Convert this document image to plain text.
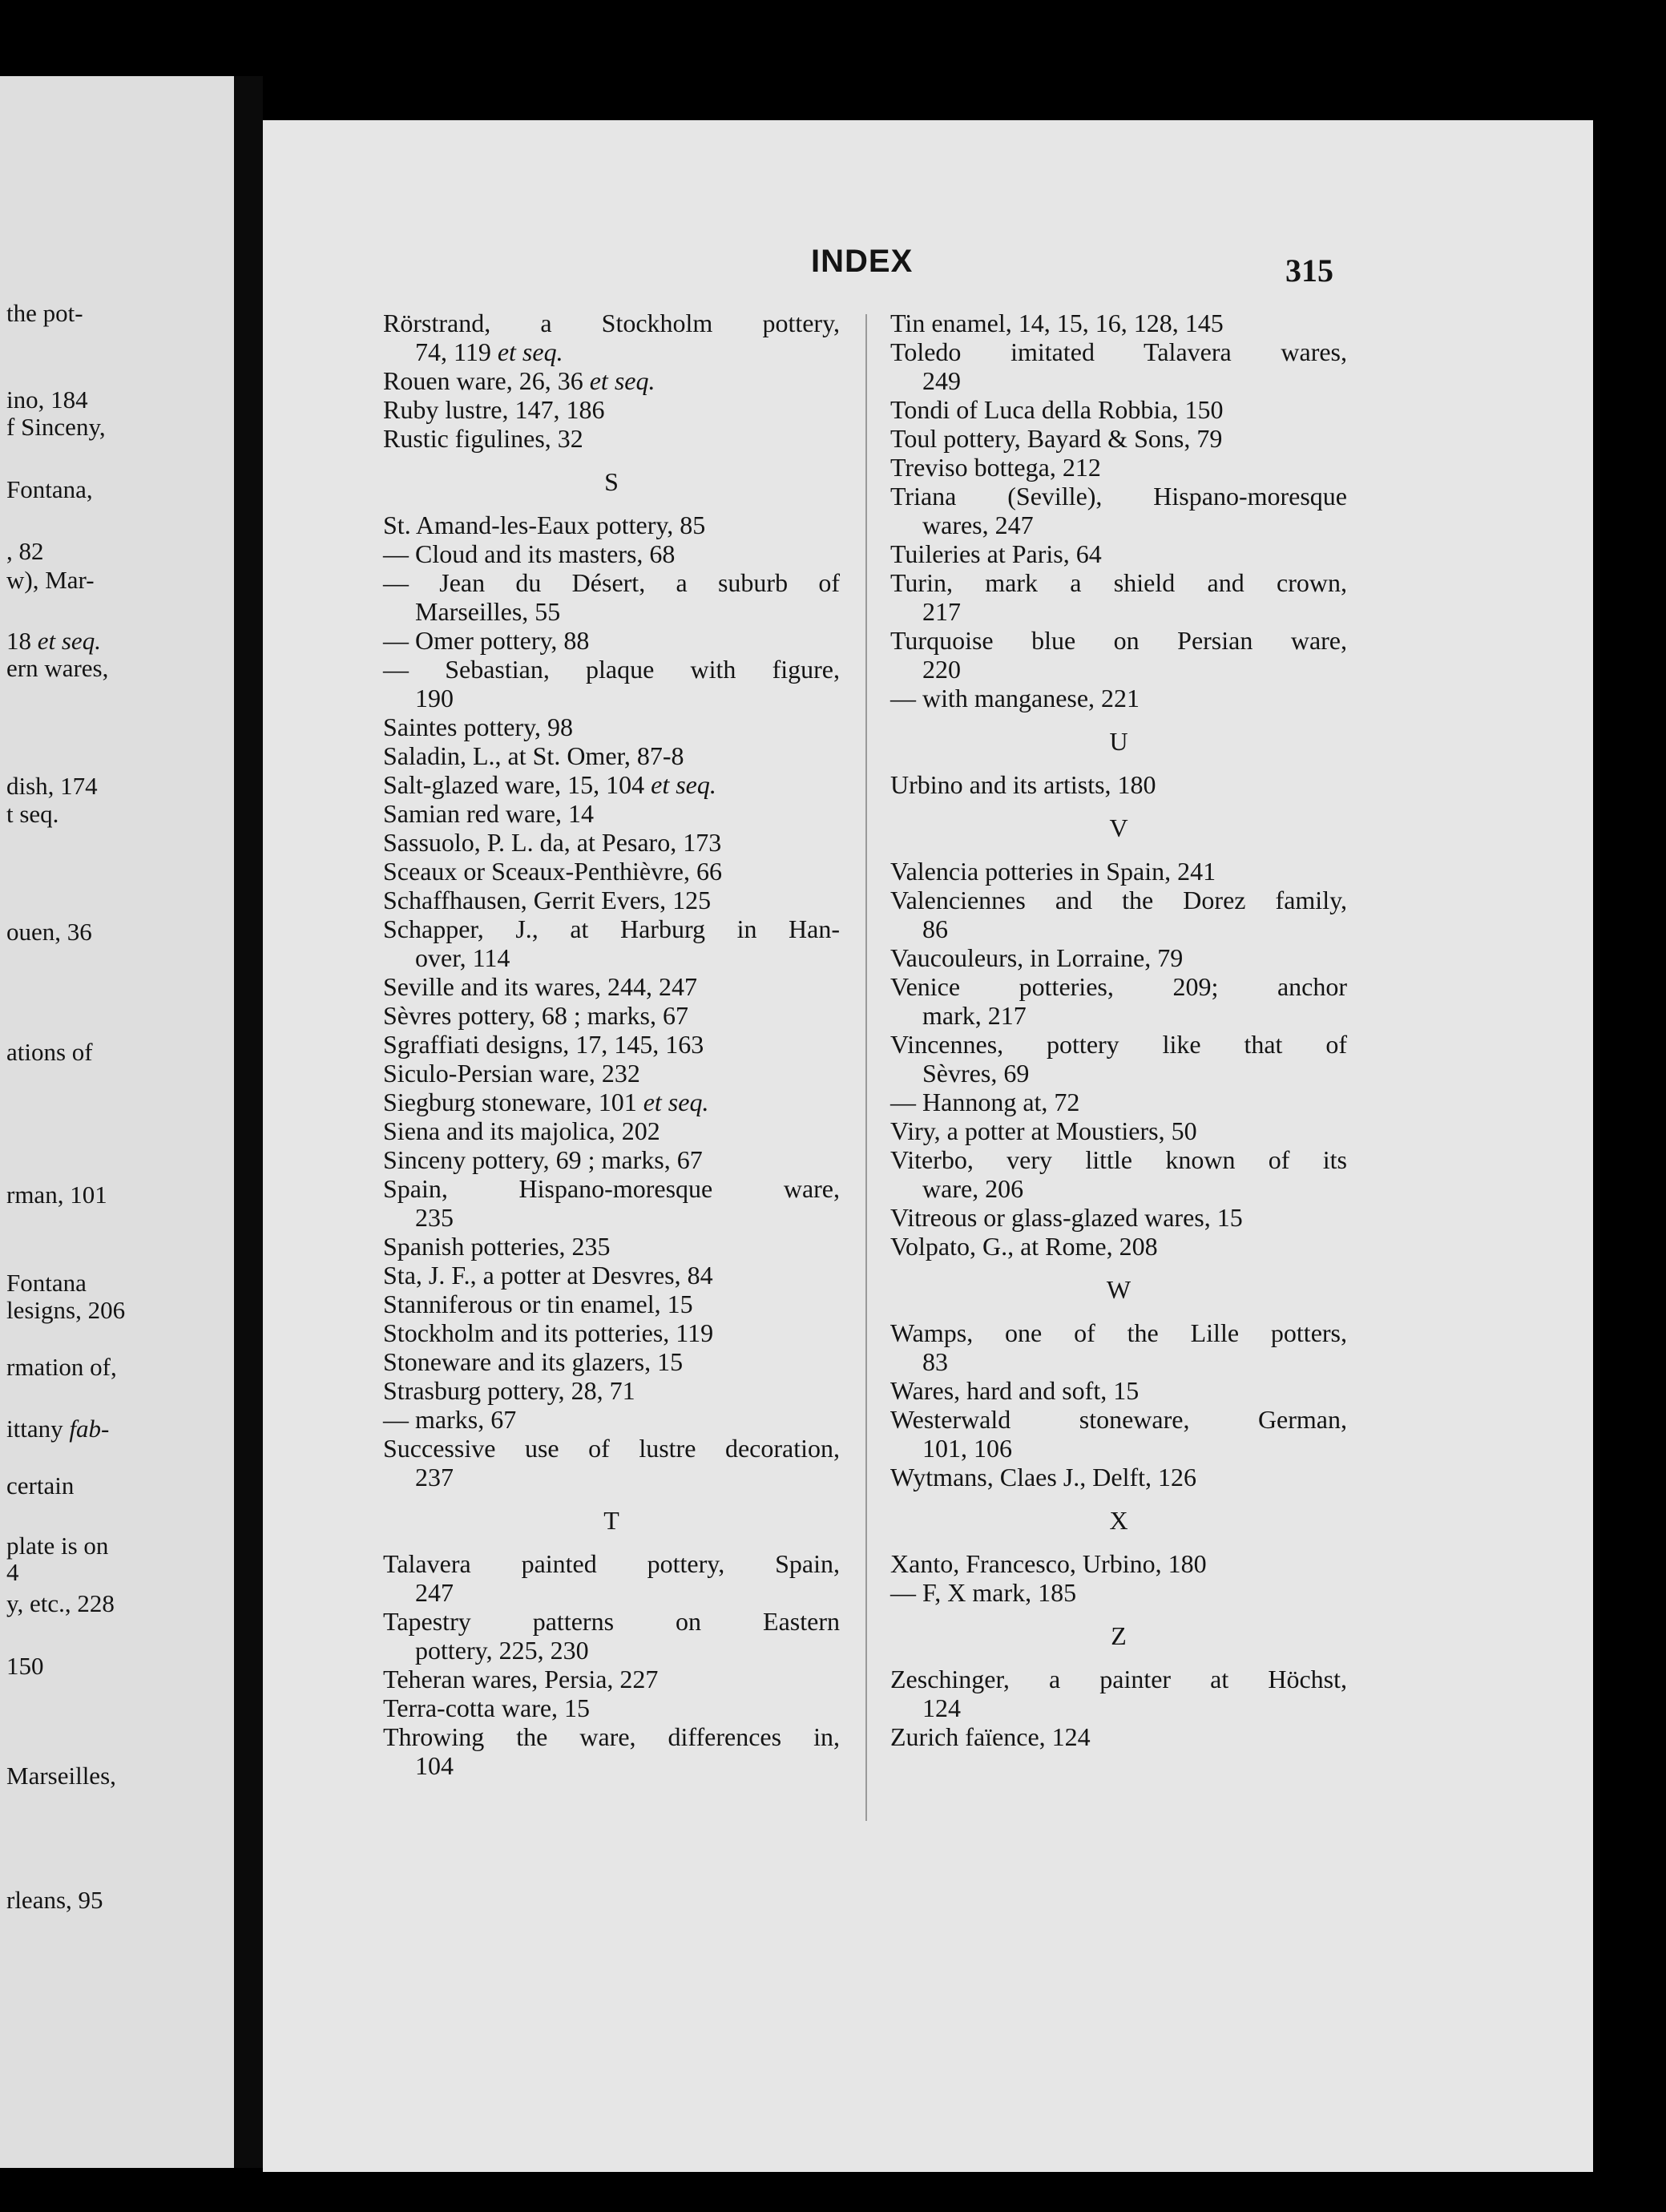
the pot-
ino, 184
f Sinceny,
Fontana,
, 82
w), Mar-
18 et seq.
ern wares,
dish, 174
t seq.
ouen, 36
ations of
rman, 101
Fontana
lesigns, 206
rmation of,
ittany fab-
certain
plate is on
4
y, etc., 228
150
Marseilles,
rleans, 95
INDEX	315
Rörstrand, a Stockholm pottery,
74, 119 et seq.
Rouen ware, 26, 36 et seq.
Ruby lustre, 147, 186
Rustic figulines, 32
S
St. Amand-les-Eaux pottery, 85
— Cloud and its masters, 68
— Jean du Désert, a suburb of
Marseilles, 55
— Omer pottery, 88
— Sebastian, plaque with figure,
190
Saintes pottery, 98
Saladin, L., at St. Omer, 87-8
Salt-glazed ware, 15, 104 et seq.
Samian red ware, 14
Sassuolo, P. L. da, at Pesaro, 173
Sceaux or Sceaux-Penthièvre, 66
Schaffhausen, Gerrit Evers, 125
Schapper, J., at Harburg in Han-
over, 114
Seville and its wares, 244, 247
Sèvres pottery, 68 ; marks, 67
Sgraffiati designs, 17, 145, 163
Siculo-Persian ware, 232
Siegburg stoneware, 101 et seq.
Siena and its majolica, 202
Sinceny pottery, 69 ; marks, 67
Spain, Hispano-moresque ware,
235
Spanish potteries, 235
Sta, J. F., a potter at Desvres, 84
Stanniferous or tin enamel, 15
Stockholm and its potteries, 119
Stoneware and its glazers, 15
Strasburg pottery, 28, 71
— marks, 67
Successive use of lustre decoration,
237
T
Talavera painted pottery, Spain,
247
Tapestry patterns on Eastern
pottery, 225, 230
Teheran wares, Persia, 227
Terra-cotta ware, 15
Throwing the ware, differences in,
104
Tin enamel, 14, 15, 16, 128, 145
Toledo imitated Talavera wares,
249
Tondi of Luca della Robbia, 150
Toul pottery, Bayard & Sons, 79
Treviso bottega, 212
Triana (Seville), Hispano-moresque
wares, 247
Tuileries at Paris, 64
Turin, mark a shield and crown,
217
Turquoise blue on Persian ware,
220
— with manganese, 221
U
Urbino and its artists, 180
V
Valencia potteries in Spain, 241
Valenciennes and the Dorez family,
86
Vaucouleurs, in Lorraine, 79
Venice potteries, 209; anchor
mark, 217
Vincennes, pottery like that of
Sèvres, 69
— Hannong at, 72
Viry, a potter at Moustiers, 50
Viterbo, very little known of its
ware, 206
Vitreous or glass-glazed wares, 15
Volpato, G., at Rome, 208
W
Wamps, one of the Lille potters,
83
Wares, hard and soft, 15
Westerwald stoneware, German,
101, 106
Wytmans, Claes J., Delft, 126
X
Xanto, Francesco, Urbino, 180
— F, X mark, 185
Z
Zeschinger, a painter at Höchst,
124
Zurich faïence, 124
